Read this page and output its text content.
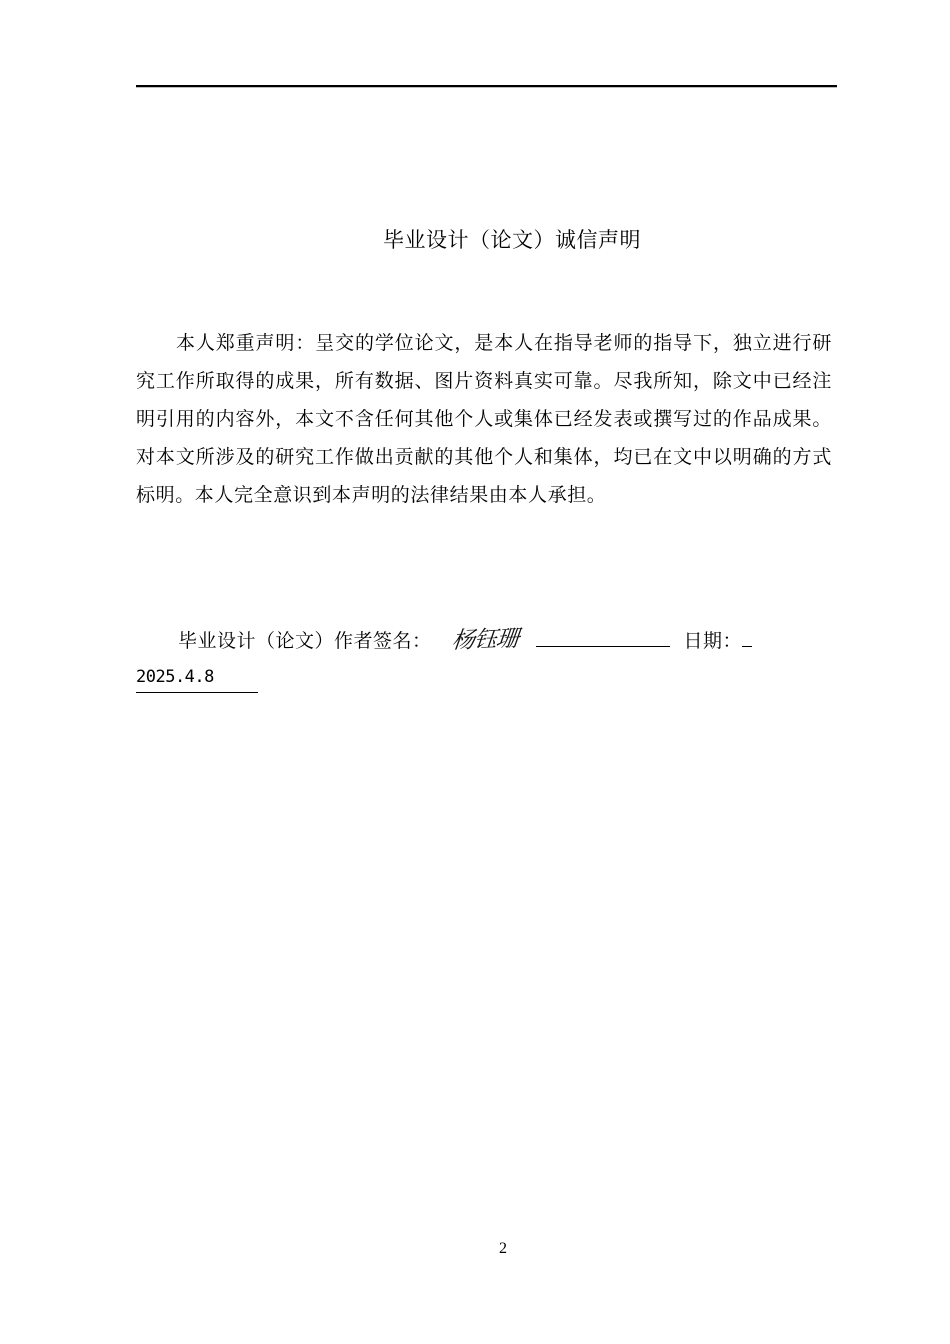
毕业设计（论文）诚信声明
本人郑重声明：呈交的学位论文，是本人在指导老师的指导下，独立进行研究工作所取得的成果，所有数据、图片资料真实可靠。尽我所知，除文中已经注明引用的内容外，本文不含任何其他个人或集体已经发表或撰写过的作品成果。对本文所涉及的研究工作做出贡献的其他个人和集体，均已在文中以明确的方式标明。本人完全意识到本声明的法律结果由本人承担。
毕业设计（论文）作者签名： 杨钰珊	日期：
2025.4.8
2
